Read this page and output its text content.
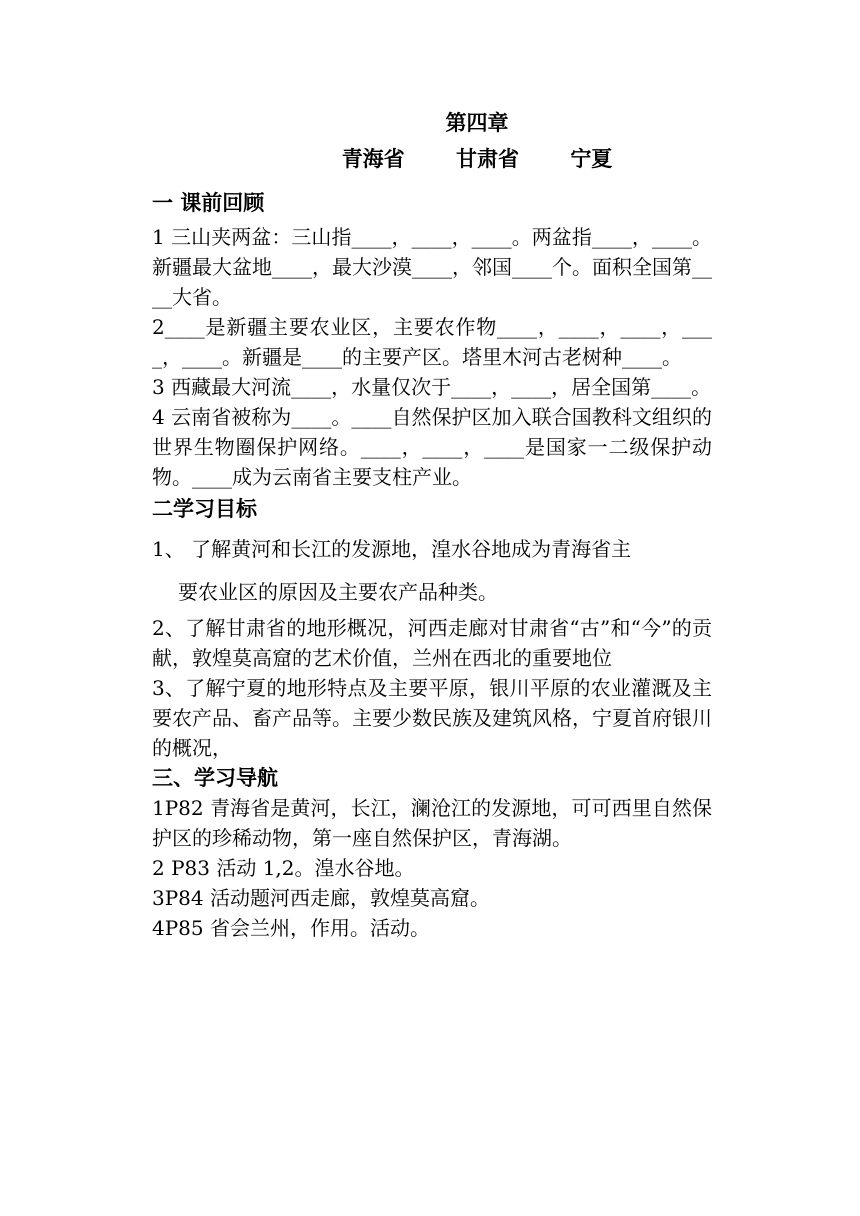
第四章
青海省 甘肃省 宁夏
一 课前回顾

1 三山夹两盆：三山指____，____，____。两盆指____，____。新疆最大盆地____，最大沙漠____，邻国____个。面积全国第____大省。

2____是新疆主要农业区，主要农作物____，____，____，____，____。新疆是____的主要产区。塔里木河古老树种____。

3 西藏最大河流____，水量仅次于____，____，居全国第____。

4 云南省被称为____。____自然保护区加入联合国教科文组织的世界生物圈保护网络。____，____，____是国家一二级保护动物。____成为云南省主要支柱产业。

二学习目标

1、 了解黄河和长江的发源地，湟水谷地成为青海省主

要农业区的原因及主要农产品种类。

2、了解甘肃省的地形概况，河西走廊对甘肃省“古”和“今”的贡献，敦煌莫高窟的艺术价值，兰州在西北的重要地位

3、了解宁夏的地形特点及主要平原，银川平原的农业灌溉及主要农产品、畜产品等。主要少数民族及建筑风格，宁夏首府银川的概况，

三、学习导航

1P82 青海省是黄河，长江，澜沧江的发源地，可可西里自然保护区的珍稀动物，第一座自然保护区，青海湖。

2 P83 活动 1,2。湟水谷地。

3P84 活动题河西走廊，敦煌莫高窟。

4P85 省会兰州，作用。活动。
